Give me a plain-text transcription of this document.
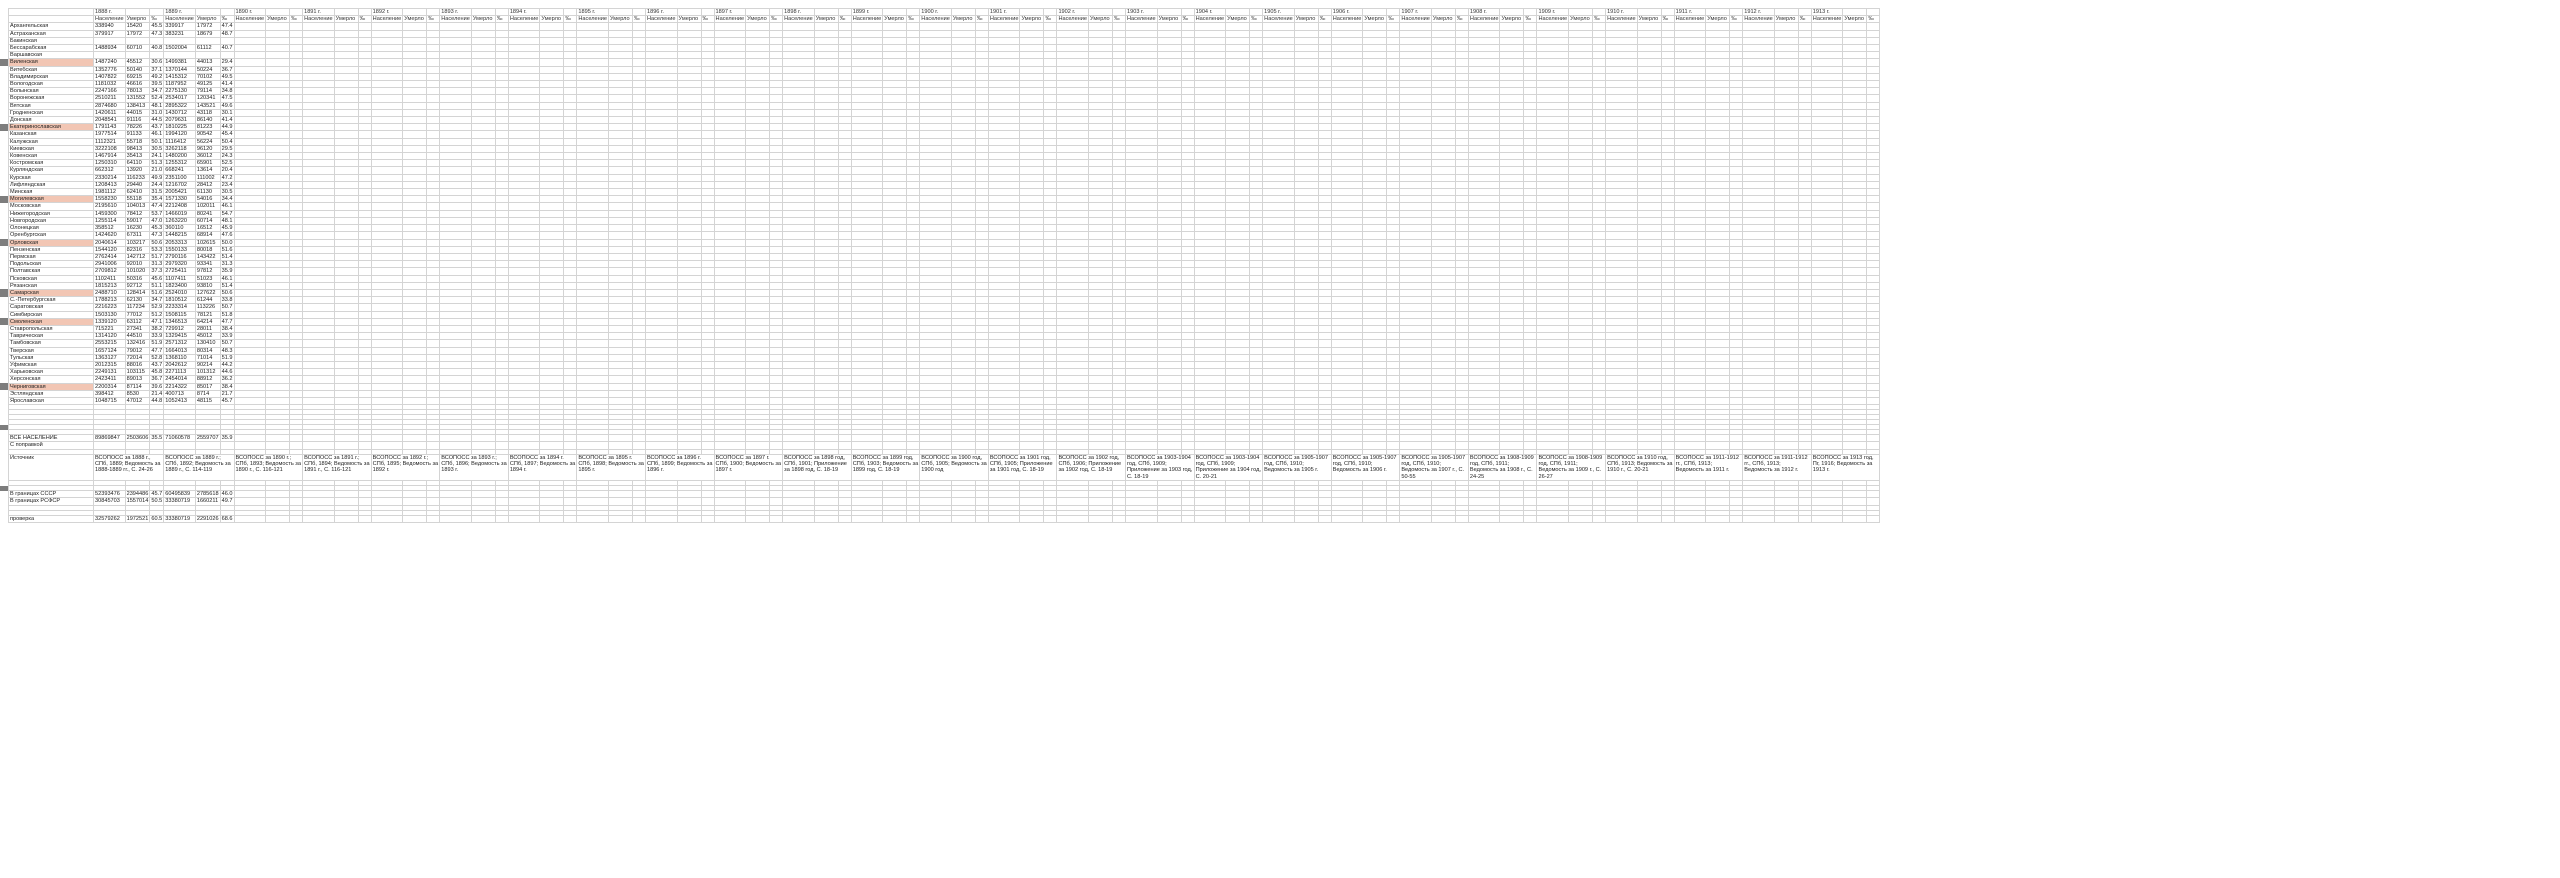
	1888 г.			1889 г.			1890 г.			1891 г.			1892 г.			1893 г.			1894 г.			1895 г.			1896 г.			1897 г.			1898 г.			1899 г.			1900 г.			1901 г.			1902 г.			1903 г.			1904 г.			1905 г.			1906 г.			1907 г.			1908 г.			1909 г.			1910 г.			1911 г.			1912 г.			1913 г.		
	Население	Умерло	‰	Население	Умерло	‰	Население	Умерло	‰	Население	Умерло	‰	Население	Умерло	‰	Население	Умерло	‰	Население	Умерло	‰	Население	Умерло	‰	Население	Умерло	‰	Население	Умерло	‰	Население	Умерло	‰	Население	Умерло	‰	Население	Умерло	‰	Население	Умерло	‰	Население	Умерло	‰	Население	Умерло	‰	Население	Умерло	‰	Население	Умерло	‰	Население	Умерло	‰	Население	Умерло	‰	Население	Умерло	‰	Население	Умерло	‰	Население	Умерло	‰	Население	Умерло	‰	Население	Умерло	‰	Население	Умерло	‰
Архангельская	338940	15420	45.5	339917	17972	47.4																																																																								
Астраханская	379917	17972	47.3	383231	18679	48.7																																																																								
Бакинская																																																																														
Бессарабская	1488934	60710	40.8	1502004	61112	40.7																																																																								
Варшавская																																																																														
Виленская	1487240	45512	30.6	1499381	44013	29.4																																																																								
Витебская	1352776	50140	37.1	1370144	50224	36.7																																																																								
Владимирская	1407822	69215	49.2	1415312	70102	49.5																																																																								
Вологодская	1181032	46616	39.5	1187952	49125	41.4																																																																								
Волынская	2247166	78013	34.7	2275130	79114	34.8																																																																								
Воронежская	2510211	131552	52.4	2534017	120341	47.5																																																																								
Вятская	2874680	138413	48.1	2895322	143521	49.6																																																																								
Гродненская	1420611	44015	31.0	1430712	43118	30.1																																																																								
Донская	2048541	91116	44.5	2079631	86140	41.4																																																																								
Екатеринославская	1791143	78226	43.7	1810225	81223	44.9																																																																								
Казанская	1977514	91133	46.1	1994120	90542	45.4																																																																								
Калужская	1112321	55718	50.1	1116412	56224	50.4																																																																								
Киевская	3222108	98413	30.5	3262118	96120	29.5																																																																								
Ковенская	1467914	35413	24.1	1480200	36012	24.3																																																																								
Костромская	1250310	64110	51.3	1255312	65901	52.5																																																																								
Курляндская	662312	13920	21.0	668241	13614	20.4																																																																								
Курская	2330214	116233	49.9	2351100	111002	47.2																																																																								
Лифляндская	1208413	29440	24.4	1216702	28412	23.4																																																																								
Минская	1981112	62410	31.5	2005421	61130	30.5																																																																								
Могилевская	1558230	55118	35.4	1571330	54016	34.4																																																																								
Московская	2195610	104013	47.4	2212408	102011	46.1																																																																								
Нижегородская	1459300	78412	53.7	1466019	80241	54.7																																																																								
Новгородская	1255114	59017	47.0	1263220	60714	48.1																																																																								
Олонецкая	358512	16230	45.3	360110	16512	45.9																																																																								
Оренбургская	1424620	67311	47.3	1448215	68914	47.6																																																																								
Орловская	2040614	103217	50.6	2053313	102615	50.0																																																																								
Пензенская	1544120	82316	53.3	1550133	80018	51.6																																																																								
Пермская	2762414	142712	51.7	2790116	143422	51.4																																																																								
Подольская	2941006	92010	31.3	2979320	93341	31.3																																																																								
Полтавская	2709812	101020	37.3	2725411	97812	35.9																																																																								
Псковская	1102411	50316	45.6	1107411	51023	46.1																																																																								
Рязанская	1815213	92712	51.1	1823400	93810	51.4																																																																								
Самарская	2488710	128414	51.6	2524010	127622	50.6																																																																								
С.-Петербургская	1788213	62130	34.7	1810512	61244	33.8																																																																								
Саратовская	2216223	117234	52.9	2233314	113226	50.7																																																																								
Симбирская	1503130	77012	51.2	1508115	78121	51.8																																																																								
Смоленская	1339120	63112	47.1	1346513	64214	47.7																																																																								
Ставропольская	715221	27341	38.2	729912	28011	38.4																																																																								
Таврическая	1314120	44510	33.9	1329415	45012	33.9																																																																								
Тамбовская	2553215	132416	51.9	2571312	130410	50.7																																																																								
Тверская	1657124	79012	47.7	1664013	80314	48.3																																																																								
Тульская	1363127	72014	52.8	1368110	71014	51.9																																																																								
Уфимская	2012315	88016	43.7	2042612	90214	44.2																																																																								
Харьковская	2249131	103115	45.8	2271113	101312	44.6																																																																								
Херсонская	2423411	89013	36.7	2454014	88912	36.2																																																																								
Черниговская	2200314	87114	39.6	2214322	85017	38.4																																																																								
Эстляндская	398412	8530	21.4	400713	8714	21.7																																																																								
Ярославская	1048715	47012	44.8	1052413	48115	45.7																																																																								

ВСЕ НАСЕЛЕНИЕ	89869847	2503606	35.5	71060578	2559707	35.9																																																																								
С поправкой																																																																														

Источник	ВСОПОСС за 1888 г., СПб, 1889; Ведомость за 1888-1889 гг., С. 24-26	ВСОПОСС за 1889 г.; СПб, 1892; Ведомость за 1889 г., С. 114-119	ВСОПОСС за 1890 г.; СПб, 1893; Ведомость за 1890 г., С. 116-121	ВСОПОСС за 1891 г.; СПб, 1894; Ведомость за 1891 г., С. 116-121	ВСОПОСС за 1892 г.; СПб, 1895; Ведомость за 1892 г.	ВСОПОСС за 1893 г.; СПб, 1896; Ведомость за 1893 г.	ВСОПОСС за 1894 г. СПб, 1897; Ведомость за 1894 г.	ВСОПОСС за 1895 г. СПб, 1898; Ведомость за 1895 г.	ВСОПОСС за 1896 г. СПб, 1899; Ведомость за 1896 г.	ВСОПОСС за 1897 г. СПб, 1900; Ведомость за 1897 г.	ВСОПОСС за 1898 год, СПб, 1901; Приложение за 1898 год, С. 18-19	ВСОПОСС за 1899 год, СПб, 1903; Ведомость за 1899 год, С. 18-19	ВСОПОСС за 1900 год, СПб, 1905; Ведомость за 1900 год	ВСОПОСС за 1901 год, СПб, 1905; Приложение за 1901 год, С. 18-19	ВСОПОСС за 1902 год, СПб, 1906; Приложение за 1902 год, С. 18-19	ВСОПОСС за 1903-1904 год, СПб, 1909; Приложение за 1903 год, С. 18-19	ВСОПОСС за 1903-1904 год, СПб, 1909; Приложение за 1904 год, С. 20-21	ВСОПОСС за 1905-1907 год, СПб, 1910; Ведомость за 1905 г.	ВСОПОСС за 1905-1907 год, СПб, 1910; Ведомость за 1906 г.	ВСОПОСС за 1905-1907 год, СПб, 1910; Ведомость за 1907 г., С. 50-55	ВСОПОСС за 1908-1909 год, СПб, 1911; Ведомость за 1908 г., С. 24-25	ВСОПОСС за 1908-1909 год, СПб, 1911; Ведомость за 1909 г., С. 26-27	ВСОПОСС за 1910 год, СПб, 1913; Ведомость за 1910 г., С. 20-21	ВСОПОСС за 1911-1912 гг., СПб, 1913; Ведомость за 1911 г.	ВСОПОСС за 1911-1912 гг., СПб, 1913; Ведомость за 1912 г.	ВСОПОСС за 1913 год, Пг, 1916; Ведомость за 1913 г.

В границах СССР	52393476	2394486	45.7	60495839	2785618	46.0																																																																								
В границах РСФСР	30845703	1557014	50.5	33380719	1660211	49.7																																																																								

проверка	32579262	1972521	60.5	33380719	2291026	68.6																																																																								
